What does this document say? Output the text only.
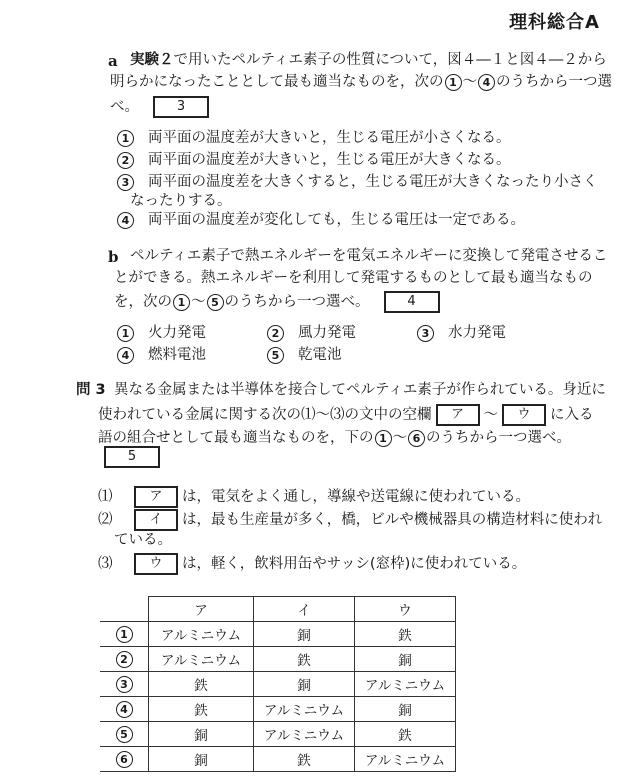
理科総合A
a 実験２で用いたペルティエ素子の性質について，図４―１と図４―２から
明らかになったこととして最も適当なものを，次の 1 ～ 4 のうちから一つ選
べ。	3
1 両平面の温度差が大きいと，生じる電圧が小さくなる。
2 両平面の温度差が大きいと，生じる電圧が大きくなる。
3 両平面の温度差を大きくすると，生じる電圧が大きくなったり小さく
なったりする。
4 両平面の温度差が変化しても，生じる電圧は一定である。
b ペルティエ素子で熱エネルギーを電気エネルギーに変換して発電させるこ
とができる。熱エネルギーを利用して発電するものとして最も適当なもの
を，次の 1 ～ 5 のうちから一つ選べ。	4
1 火力発電	2 風力発電	3 水力発電
4 燃料電池	5 乾電池
問 3 異なる金属または半導体を接合してペルティエ素子が作られている。身近に
使われている金属に関する次の⑴～⑶の文中の空欄 ア ～ ウ に入る
語の組合せとして最も適当なものを，下の 1 ～ 6 のうちから一つ選べ。
5
⑴	ア は，電気をよく通し，導線や送電線に使われている。
⑵	イ は，最も生産量が多く，橋，ビルや機械器具の構造材料に使われ
ている。
⑶	ウ は，軽く，飲料用缶やサッシ(窓枠)に使われている。
	ア	イ	ウ
1	アルミニウム	銅	鉄
2	アルミニウム	鉄	銅
3	鉄	銅	アルミニウム
4	鉄	アルミニウム	銅
5	銅	アルミニウム	鉄
6	銅	鉄	アルミニウム
